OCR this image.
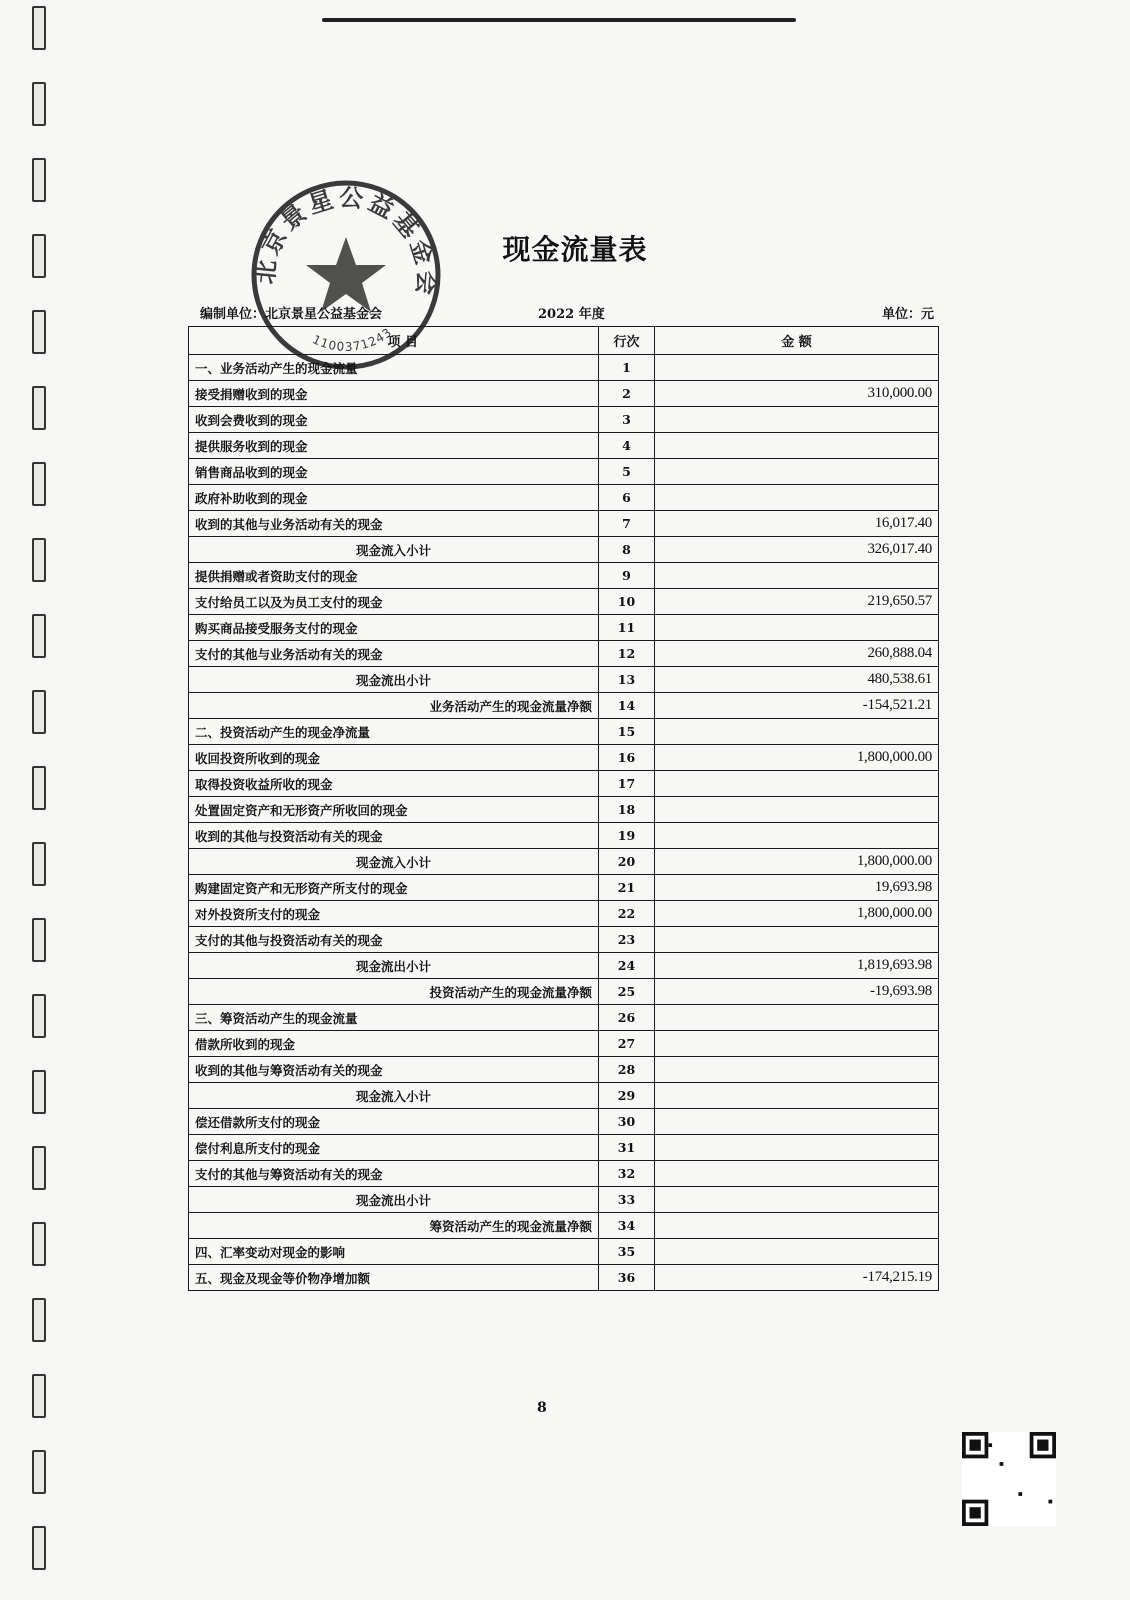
北京景星公益基金会
1100371243
现金流量表
编制单位：北京景星公益基金会	2022 年度	单位：元
项 目	行次	金 额
一、业务活动产生的现金流量	1	
接受捐赠收到的现金	2	310,000.00
收到会费收到的现金	3	
提供服务收到的现金	4	
销售商品收到的现金	5	
政府补助收到的现金	6	
收到的其他与业务活动有关的现金	7	16,017.40
现金流入小计	8	326,017.40
提供捐赠或者资助支付的现金	9	
支付给员工以及为员工支付的现金	10	219,650.57
购买商品接受服务支付的现金	11	
支付的其他与业务活动有关的现金	12	260,888.04
现金流出小计	13	480,538.61
业务活动产生的现金流量净额	14	-154,521.21
二、投资活动产生的现金净流量	15	
收回投资所收到的现金	16	1,800,000.00
取得投资收益所收的现金	17	
处置固定资产和无形资产所收回的现金	18	
收到的其他与投资活动有关的现金	19	
现金流入小计	20	1,800,000.00
购建固定资产和无形资产所支付的现金	21	19,693.98
对外投资所支付的现金	22	1,800,000.00
支付的其他与投资活动有关的现金	23	
现金流出小计	24	1,819,693.98
投资活动产生的现金流量净额	25	-19,693.98
三、筹资活动产生的现金流量	26	
借款所收到的现金	27	
收到的其他与筹资活动有关的现金	28	
现金流入小计	29	
偿还借款所支付的现金	30	
偿付利息所支付的现金	31	
支付的其他与筹资活动有关的现金	32	
现金流出小计	33	
筹资活动产生的现金流量净额	34	
四、汇率变动对现金的影响	35	
五、现金及现金等价物净增加额	36	-174,215.19
8
